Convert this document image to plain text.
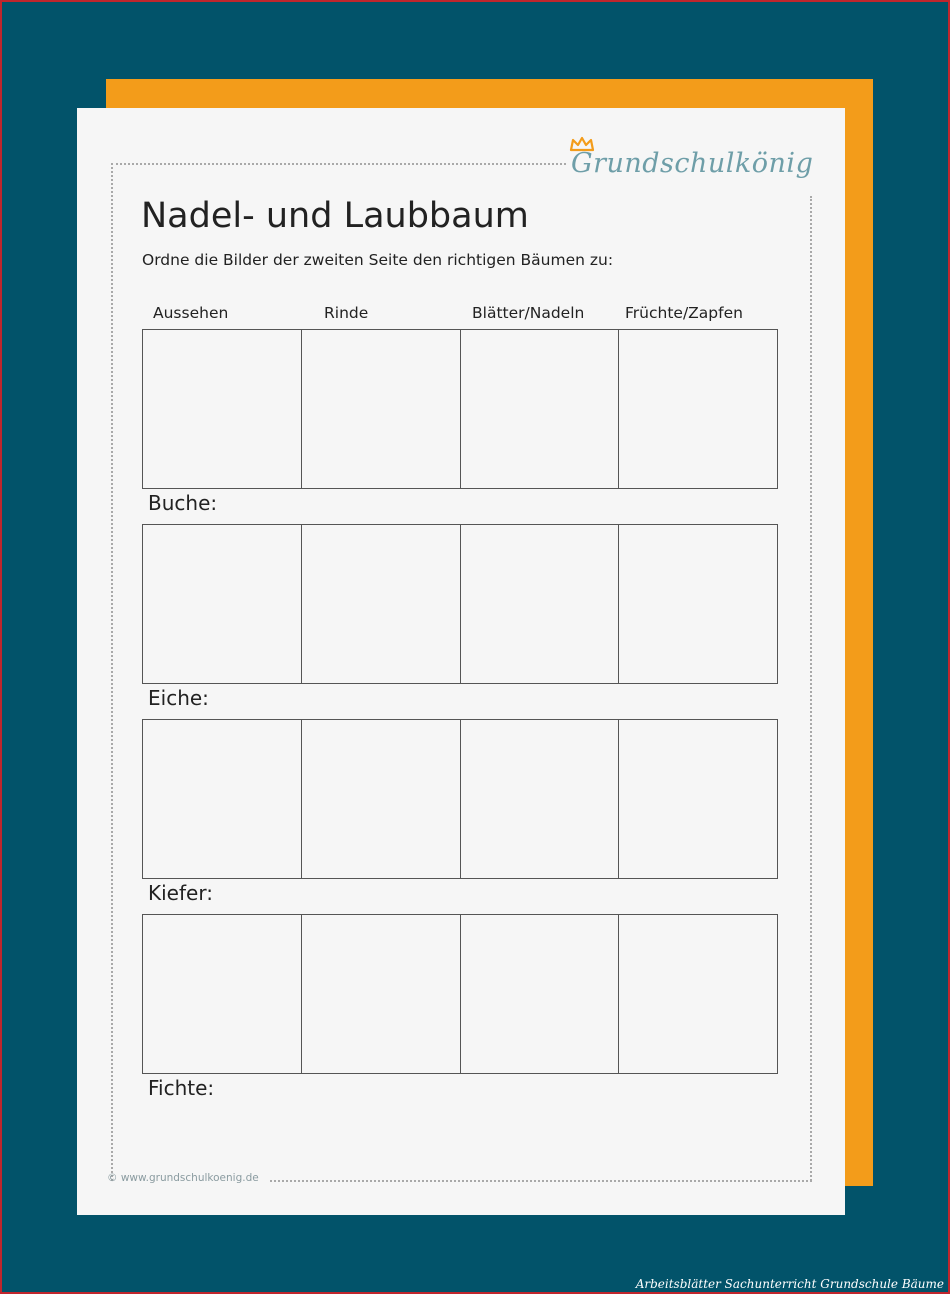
Grundschulkönig
Nadel- und Laubbaum
Ordne die Bilder der zweiten Seite den richtigen Bäumen zu:
Aussehen	Rinde	Blätter/Nadeln	Früchte/Zapfen
Buche:
Eiche:
Kiefer:
Fichte:
© www.grundschulkoenig.de
Arbeitsblätter Sachunterricht Grundschule Bäume
